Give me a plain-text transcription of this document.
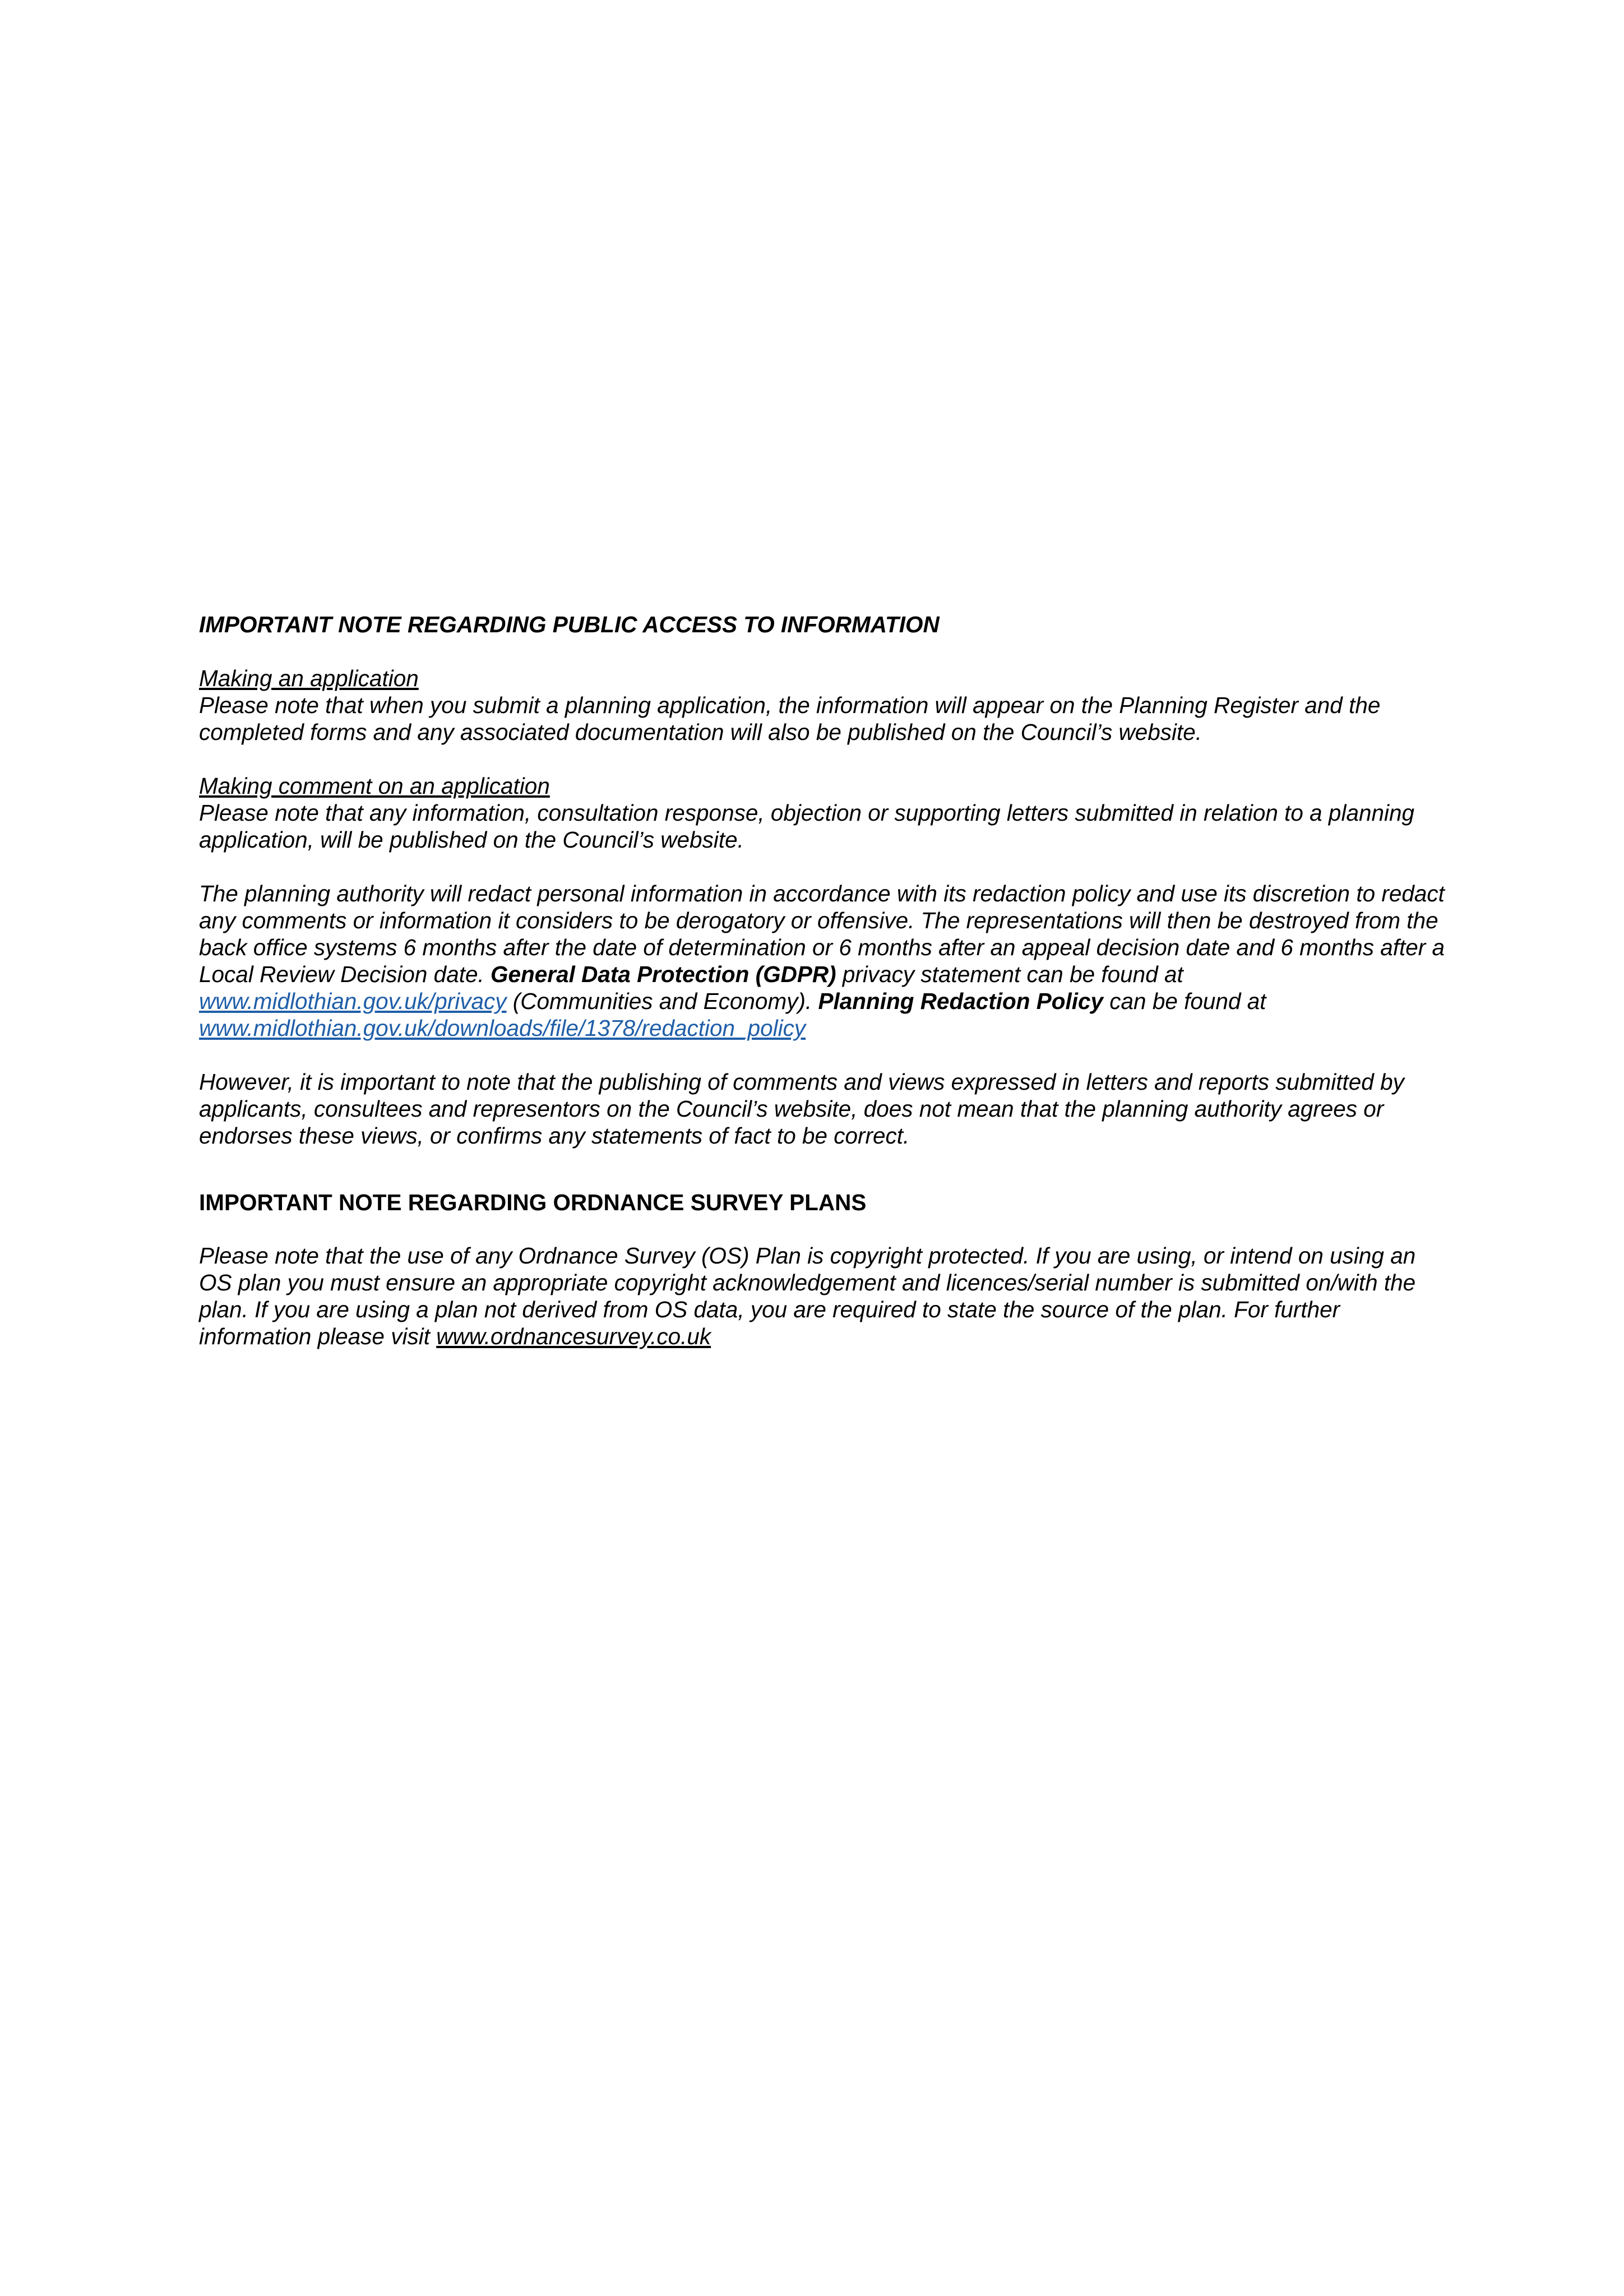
IMPORTANT NOTE REGARDING PUBLIC ACCESS TO INFORMATION

Making an application
Please note that when you submit a planning application, the information will appear on the Planning Register and the completed forms and any associated documentation will also be published on the Council’s website.

Making comment on an application
Please note that any information, consultation response, objection or supporting letters submitted in relation to a planning application, will be published on the Council’s website.

The planning authority will redact personal information in accordance with its redaction policy and use its discretion to redact any comments or information it considers to be derogatory or offensive. The representations will then be destroyed from the back office systems 6 months after the date of determination or 6 months after an appeal decision date and 6 months after a Local Review Decision date. General Data Protection (GDPR) privacy statement can be found at www.midlothian.gov.uk/privacy (Communities and Economy). Planning Redaction Policy can be found at www.midlothian.gov.uk/downloads/file/1378/redaction_policy

However, it is important to note that the publishing of comments and views expressed in letters and reports submitted by applicants, consultees and representors on the Council’s website, does not mean that the planning authority agrees or endorses these views, or confirms any statements of fact to be correct.

IMPORTANT NOTE REGARDING ORDNANCE SURVEY PLANS

Please note that the use of any Ordnance Survey (OS) Plan is copyright protected. If you are using, or intend on using an OS plan you must ensure an appropriate copyright acknowledgement and licences/serial number is submitted on/with the plan. If you are using a plan not derived from OS data, you are required to state the source of the plan. For further information please visit www.ordnancesurvey.co.uk
